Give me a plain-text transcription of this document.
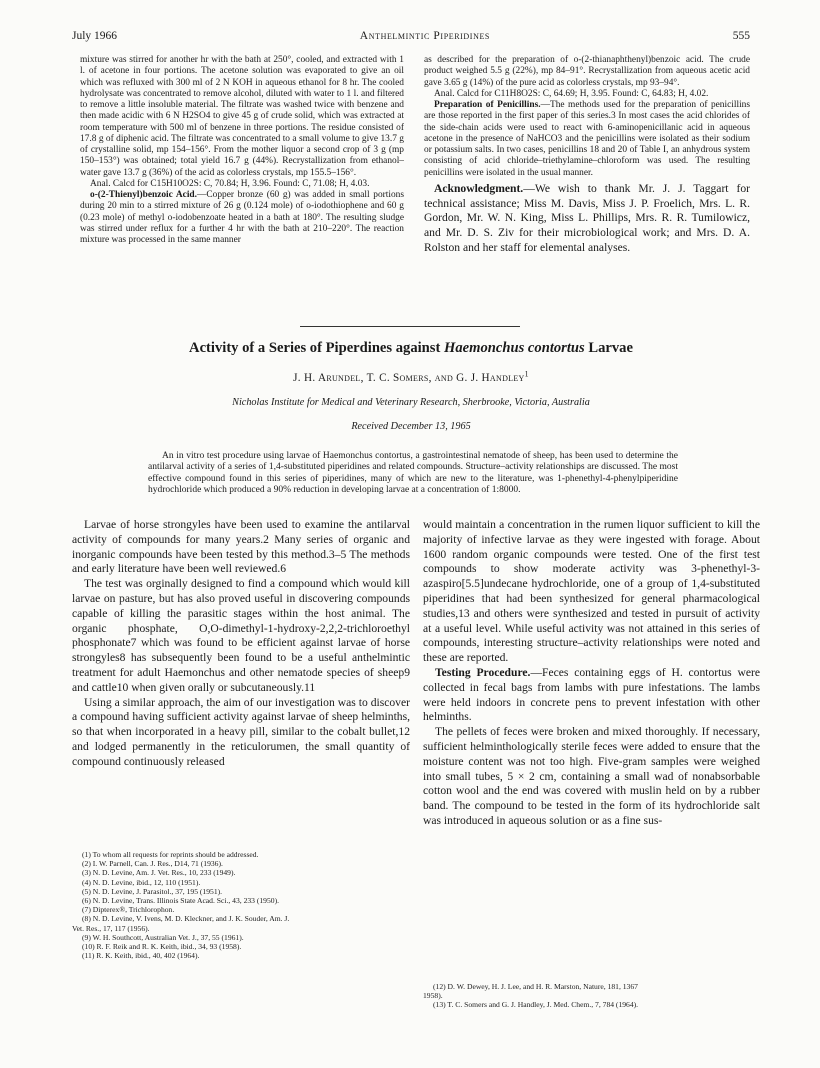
July 1966	Anthelmintic Piperidines	555

mixture was stirred for another hr with the bath at 250°, cooled, and extracted with 1 l. of acetone in four portions. The acetone solution was evaporated to give an oil which was refluxed with 300 ml of 2 N KOH in aqueous ethanol for 8 hr. The cooled hydrolysate was concentrated to remove alcohol, diluted with water to 1 l. and filtered to remove a little insoluble material. The filtrate was washed twice with benzene and then made acidic with 6 N H2SO4 to give 45 g of crude solid, which was extracted at room temperature with 500 ml of benzene in three portions. The residue consisted of 17.8 g of diphenic acid. The filtrate was concentrated to a small volume to give 13.7 g of crystalline solid, mp 154–156°. From the mother liquor a second crop of 3 g (mp 150–153°) was obtained; total yield 16.7 g (44%). Recrystallization from ethanol–water gave 13.7 g (36%) of the acid as colorless crystals, mp 155.5–156°.

Anal. Calcd for C15H10O2S: C, 70.84; H, 3.96. Found: C, 71.08; H, 4.03.

o-(2-Thienyl)benzoic Acid.—Copper bronze (60 g) was added in small portions during 20 min to a stirred mixture of 26 g (0.124 mole) of o-iodothiophene and 60 g (0.23 mole) of methyl o-iodobenzoate heated in a bath at 180°. The resulting sludge was stirred under reflux for a further 4 hr with the bath at 210–220°. The reaction mixture was processed in the same manner

as described for the preparation of o-(2-thianaphthenyl)benzoic acid. The crude product weighed 5.5 g (22%), mp 84–91°. Recrystallization from aqueous acetic acid gave 3.65 g (14%) of the pure acid as colorless crystals, mp 93–94°.

Anal. Calcd for C11H8O2S: C, 64.69; H, 3.95. Found: C, 64.83; H, 4.02.

Preparation of Penicillins.—The methods used for the preparation of penicillins are those reported in the first paper of this series.3 In most cases the acid chlorides of the side-chain acids were used to react with 6-aminopenicillanic acid in aqueous acetone in the presence of NaHCO3 and the penicillins were isolated as their sodium or potassium salts. In two cases, penicillins 18 and 20 of Table I, an anhydrous system consisting of acid chloride–triethylamine–chloroform was used. The resulting penicillins were isolated in the usual manner.

Acknowledgment.—We wish to thank Mr. J. J. Taggart for technical assistance; Miss M. Davis, Miss J. P. Froelich, Mrs. L. R. Gordon, Mr. W. N. King, Miss L. Phillips, Mrs. R. R. Tumilowicz, and Mr. D. S. Ziv for their microbiological work; and Mrs. D. A. Rolston and her staff for elemental analyses.
Activity of a Series of Piperdines against Haemonchus contortus Larvae
J. H. Arundel, T. C. Somers, and G. J. Handley$^1$
Nicholas Institute for Medical and Veterinary Research, Sherbrooke, Victoria, Australia
Received December 13, 1965
An in vitro test procedure using larvae of Haemonchus contortus, a gastrointestinal nematode of sheep, has been used to determine the antilarval activity of a series of 1,4-substituted piperidines and related compounds. Structure–activity relationships are discussed. The most effective compound found in this series of piperidines, many of which are new to the literature, was 1-phenethyl-4-phenylpiperidine hydrochloride which produced a 90% reduction in developing larvae at a concentration of 1:8000.

Larvae of horse strongyles have been used to examine the antilarval activity of compounds for many years.2 Many series of organic and inorganic compounds have been tested by this method.3–5 The methods and early literature have been well reviewed.6

The test was orginally designed to find a compound which would kill larvae on pasture, but has also proved useful in discovering compounds capable of killing the parasitic stages within the host animal. The organic phosphate, O,O-dimethyl-1-hydroxy-2,2,2-trichloroethyl phosphonate7 which was found to be efficient against larvae of horse strongyles8 has subsequently been found to be a useful anthelmintic treatment for adult Haemonchus and other nematode species of sheep9 and cattle10 when given orally or subcutaneously.11

Using a similar approach, the aim of our investigation was to discover a compound having sufficient activity against larvae of sheep helminths, so that when incorporated in a heavy pill, similar to the cobalt bullet,12 and lodged permanently in the reticulorumen, the small quantity of compound continuously released

would maintain a concentration in the rumen liquor sufficient to kill the majority of infective larvae as they were ingested with forage. About 1600 random organic compounds were tested. One of the first test compounds to show moderate activity was 3-phenethyl-3-azaspiro[5.5]undecane hydrochloride, one of a group of 1,4-substituted piperidines that had been synthesized for general pharmacological studies,13 and others were synthesized and tested in pursuit of activity at a useful level. While useful activity was not attained in this series of compounds, interesting structure–activity relationships were noted and these are reported.

Testing Procedure.—Feces containing eggs of H. contortus were collected in fecal bags from lambs with pure infestations. The lambs were held indoors in concrete pens to prevent infestation with other helminths.

The pellets of feces were broken and mixed thoroughly. If necessary, sufficient helminthologically sterile feces were added to ensure that the moisture content was not too high. Five-gram samples were weighed into small tubes, 5 × 2 cm, containing a small wad of nonabsorbable cotton wool and the end was covered with muslin held on by a rubber band. The compound to be tested in the form of its hydrochloride salt was introduced in aqueous solution or as a fine sus-

(1) To whom all requests for reprints should be addressed.
(2) I. W. Parnell, Can. J. Res., D14, 71 (1936).
(3) N. D. Levine, Am. J. Vet. Res., 10, 233 (1949).
(4) N. D. Levine, ibid., 12, 110 (1951).
(5) N. D. Levine, J. Parasitol., 37, 195 (1951).
(6) N. D. Levine, Trans. Illinois State Acad. Sci., 43, 233 (1950).
(7) Dipterex®, Trichlorophon.
(8) N. D. Levine, V. Ivens, M. D. Kleckner, and J. K. Souder, Am. J.
Vet. Res., 17, 117 (1956).
(9) W. H. Southcott, Australian Vet. J., 37, 55 (1961).
(10) R. F. Reik and R. K. Keith, ibid., 34, 93 (1958).
(11) R. K. Keith, ibid., 40, 402 (1964).
(12) D. W. Dewey, H. J. Lee, and H. R. Marston, Nature, 181, 1367
1958).
(13) T. C. Somers and G. J. Handley, J. Med. Chem., 7, 784 (1964).
